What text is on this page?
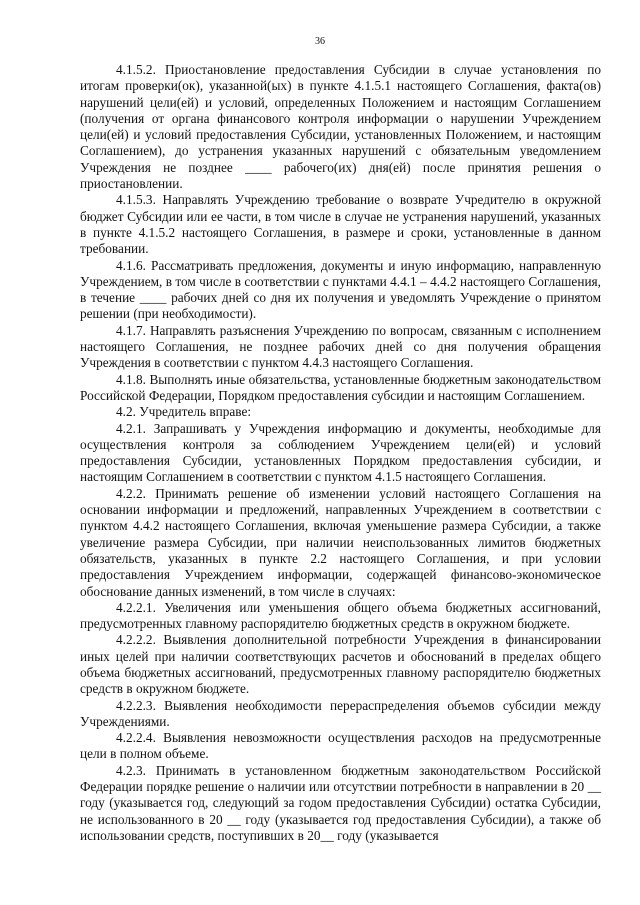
36

4.1.5.2. Приостановление предоставления Субсидии в случае установления по итогам проверки(ок), указанной(ых) в пункте 4.1.5.1 настоящего Соглашения, факта(ов) нарушений цели(ей) и условий, определенных Положением и настоящим Соглашением (получения от органа финансового контроля информации о нарушении Учреждением цели(ей) и условий предоставления Субсидии, установленных Положением, и настоящим Соглашением), до устранения указанных нарушений с обязательным уведомлением Учреждения не позднее ____ рабочего(их) дня(ей) после принятия решения о приостановлении.

4.1.5.3. Направлять Учреждению требование о возврате Учредителю в окружной бюджет Субсидии или ее части, в том числе в случае не устранения нарушений, указанных в пункте 4.1.5.2 настоящего Соглашения, в размере и сроки, установленные в данном требовании.

4.1.6. Рассматривать предложения, документы и иную информацию, направленную Учреждением, в том числе в соответствии с пунктами 4.4.1 – 4.4.2 настоящего Соглашения, в течение ____ рабочих дней со дня их получения и уведомлять Учреждение о принятом решении (при необходимости).

4.1.7. Направлять разъяснения Учреждению по вопросам, связанным с исполнением настоящего Соглашения, не позднее рабочих дней со дня получения обращения Учреждения в соответствии с пунктом 4.4.3 настоящего Соглашения.

4.1.8. Выполнять иные обязательства, установленные бюджетным законодательством Российской Федерации, Порядком предоставления субсидии и настоящим Соглашением.

4.2. Учредитель вправе:

4.2.1. Запрашивать у Учреждения информацию и документы, необходимые для осуществления контроля за соблюдением Учреждением цели(ей) и условий предоставления Субсидии, установленных Порядком предоставления субсидии, и настоящим Соглашением в соответствии с пунктом 4.1.5 настоящего Соглашения.

4.2.2. Принимать решение об изменении условий настоящего Соглашения на основании информации и предложений, направленных Учреждением в соответствии с пунктом 4.4.2 настоящего Соглашения, включая уменьшение размера Субсидии, а также увеличение размера Субсидии, при наличии неиспользованных лимитов бюджетных обязательств, указанных в пункте 2.2 настоящего Соглашения, и при условии предоставления Учреждением информации, содержащей финансово-экономическое обоснование данных изменений, в том числе в случаях:

4.2.2.1. Увеличения или уменьшения общего объема бюджетных ассигнований, предусмотренных главному распорядителю бюджетных средств в окружном бюджете.

4.2.2.2. Выявления дополнительной потребности Учреждения в финансировании иных целей при наличии соответствующих расчетов и обоснований в пределах общего объема бюджетных ассигнований, предусмотренных главному распорядителю бюджетных средств в окружном бюджете.

4.2.2.3. Выявления необходимости перераспределения объемов субсидии между Учреждениями.

4.2.2.4. Выявления невозможности осуществления расходов на предусмотренные цели в полном объеме.

4.2.3. Принимать в установленном бюджетным законодательством Российской Федерации порядке решение о наличии или отсутствии потребности в направлении в 20 __ году (указывается год, следующий за годом предоставления Субсидии) остатка Субсидии, не использованного в 20 __ году (указывается год предоставления Субсидии), а также об использовании средств, поступивших в 20__ году (указывается
